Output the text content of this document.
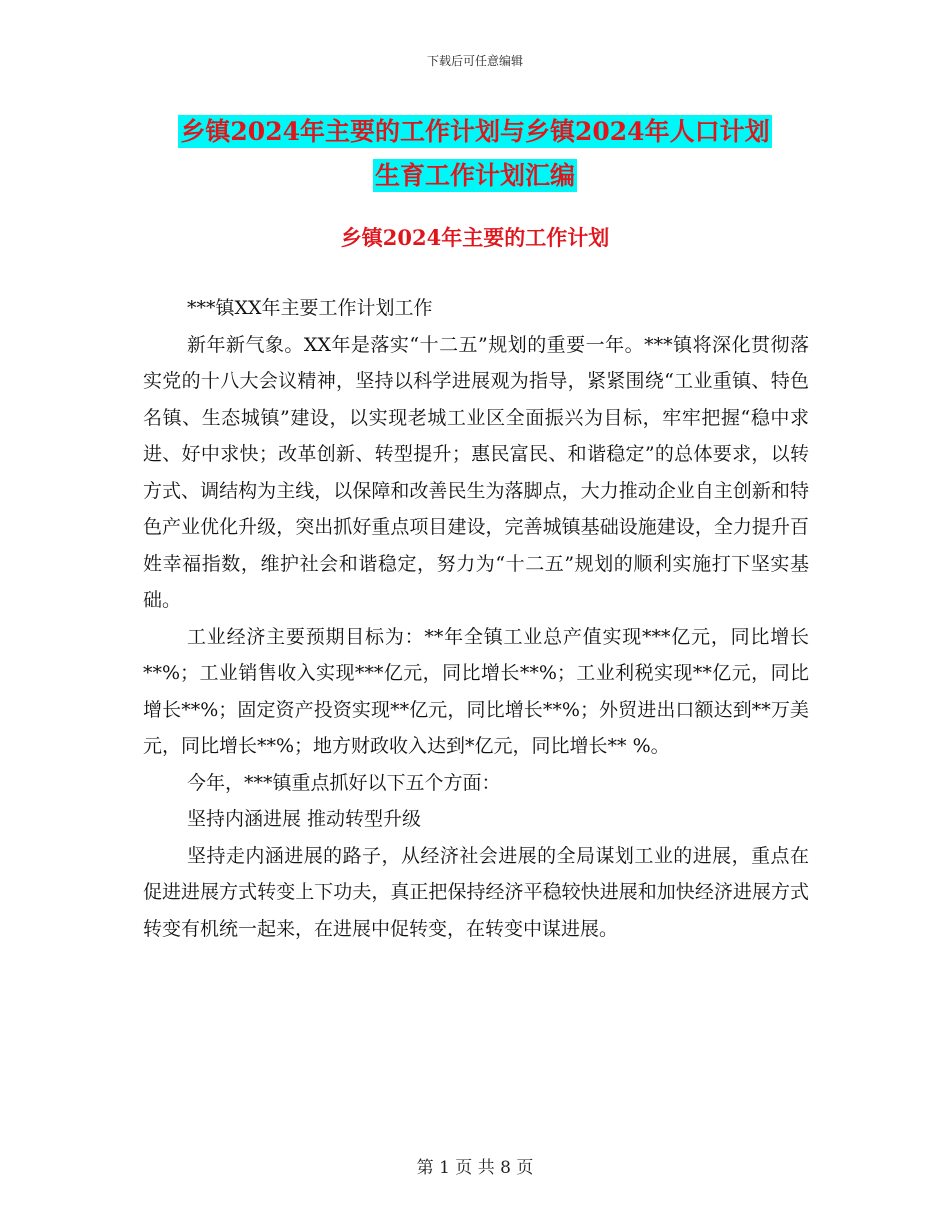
下载后可任意编辑
乡镇2024年主要的工作计划与乡镇2024年人口计划
生育工作计划汇编
乡镇2024年主要的工作计划

***镇XX年主要工作计划工作

新年新气象。XX年是落实“十二五”规划的重要一年。***镇将深化贯彻落实党的十八大会议精神，坚持以科学进展观为指导，紧紧围绕“工业重镇、特色名镇、生态城镇”建设，以实现老城工业区全面振兴为目标，牢牢把握“稳中求进、好中求快；改革创新、转型提升；惠民富民、和谐稳定”的总体要求，以转方式、调结构为主线，以保障和改善民生为落脚点，大力推动企业自主创新和特色产业优化升级，突出抓好重点项目建设，完善城镇基础设施建设，全力提升百姓幸福指数，维护社会和谐稳定，努力为“十二五”规划的顺利实施打下坚实基础。

工业经济主要预期目标为：**年全镇工业总产值实现***亿元，同比增长**%；工业销售收入实现***亿元，同比增长**%；工业利税实现**亿元，同比增长**%；固定资产投资实现**亿元，同比增长**%；外贸进出口额达到**万美元，同比增长**%；地方财政收入达到*亿元，同比增长** %。

今年，***镇重点抓好以下五个方面：

坚持内涵进展 推动转型升级

坚持走内涵进展的路子，从经济社会进展的全局谋划工业的进展，重点在促进进展方式转变上下功夫，真正把保持经济平稳较快进展和加快经济进展方式转变有机统一起来，在进展中促转变，在转变中谋进展。

第 1 页 共 8 页
